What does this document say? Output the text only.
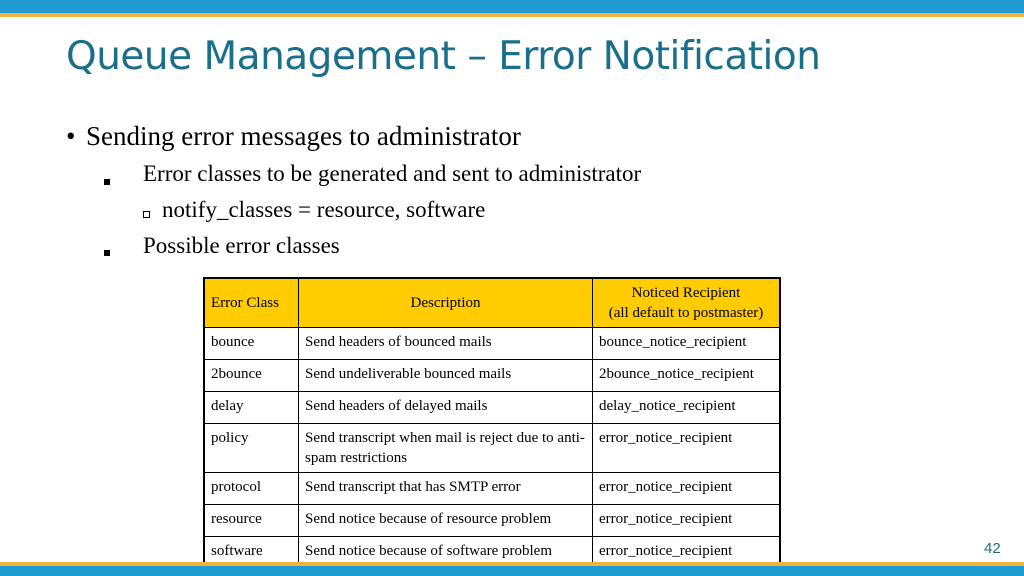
Queue Management – Error Notification
• Sending error messages to administrator
Error classes to be generated and sent to administrator
notify_classes = resource, software
Possible error classes
Error Class	Description	Noticed Recipient
(all default to postmaster)
bounce	Send headers of bounced mails	bounce_notice_recipient
2bounce	Send undeliverable bounced mails	2bounce_notice_recipient
delay	Send headers of delayed mails	delay_notice_recipient
policy	Send transcript when mail is reject due to anti-spam restrictions	error_notice_recipient
protocol	Send transcript that has SMTP error	error_notice_recipient
resource	Send notice because of resource problem	error_notice_recipient
software	Send notice because of software problem	error_notice_recipient	42
